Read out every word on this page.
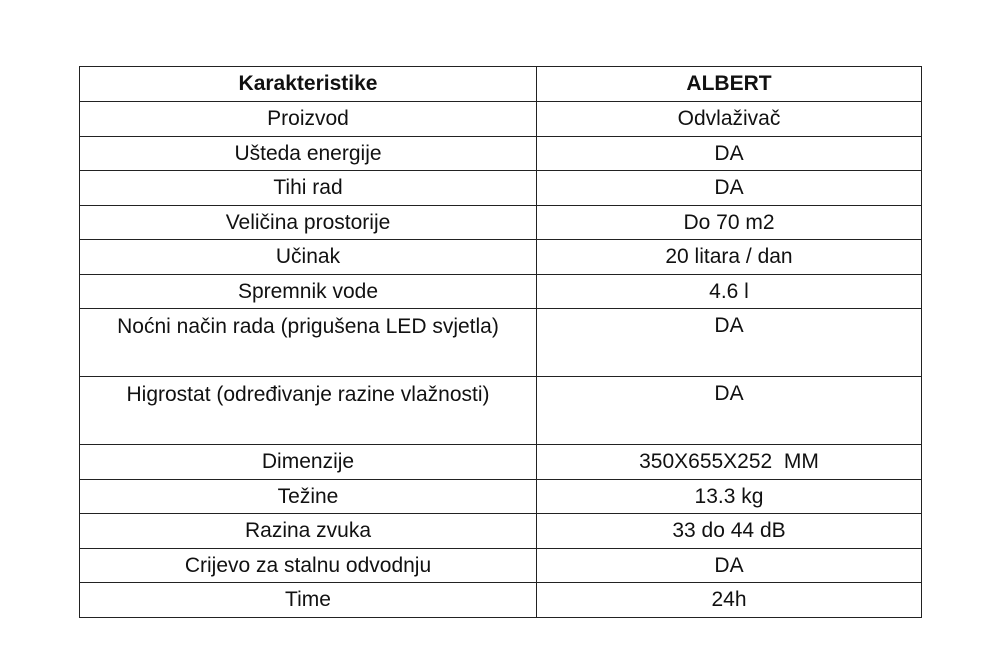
Karakteristike	ALBERT
Proizvod	Odvlaživač
Ušteda energije	DA
Tihi rad	DA
Veličina prostorije	Do 70 m2
Učinak	20 litara / dan
Spremnik vode	4.6 l
Noćni način rada (prigušena LED svjetla)	DA
Higrostat (određivanje razine vlažnosti)	DA
Dimenzije	350X655X252  MM
Težine	13.3 kg
Razina zvuka	33 do 44 dB
Crijevo za stalnu odvodnju	DA
Time	24h
